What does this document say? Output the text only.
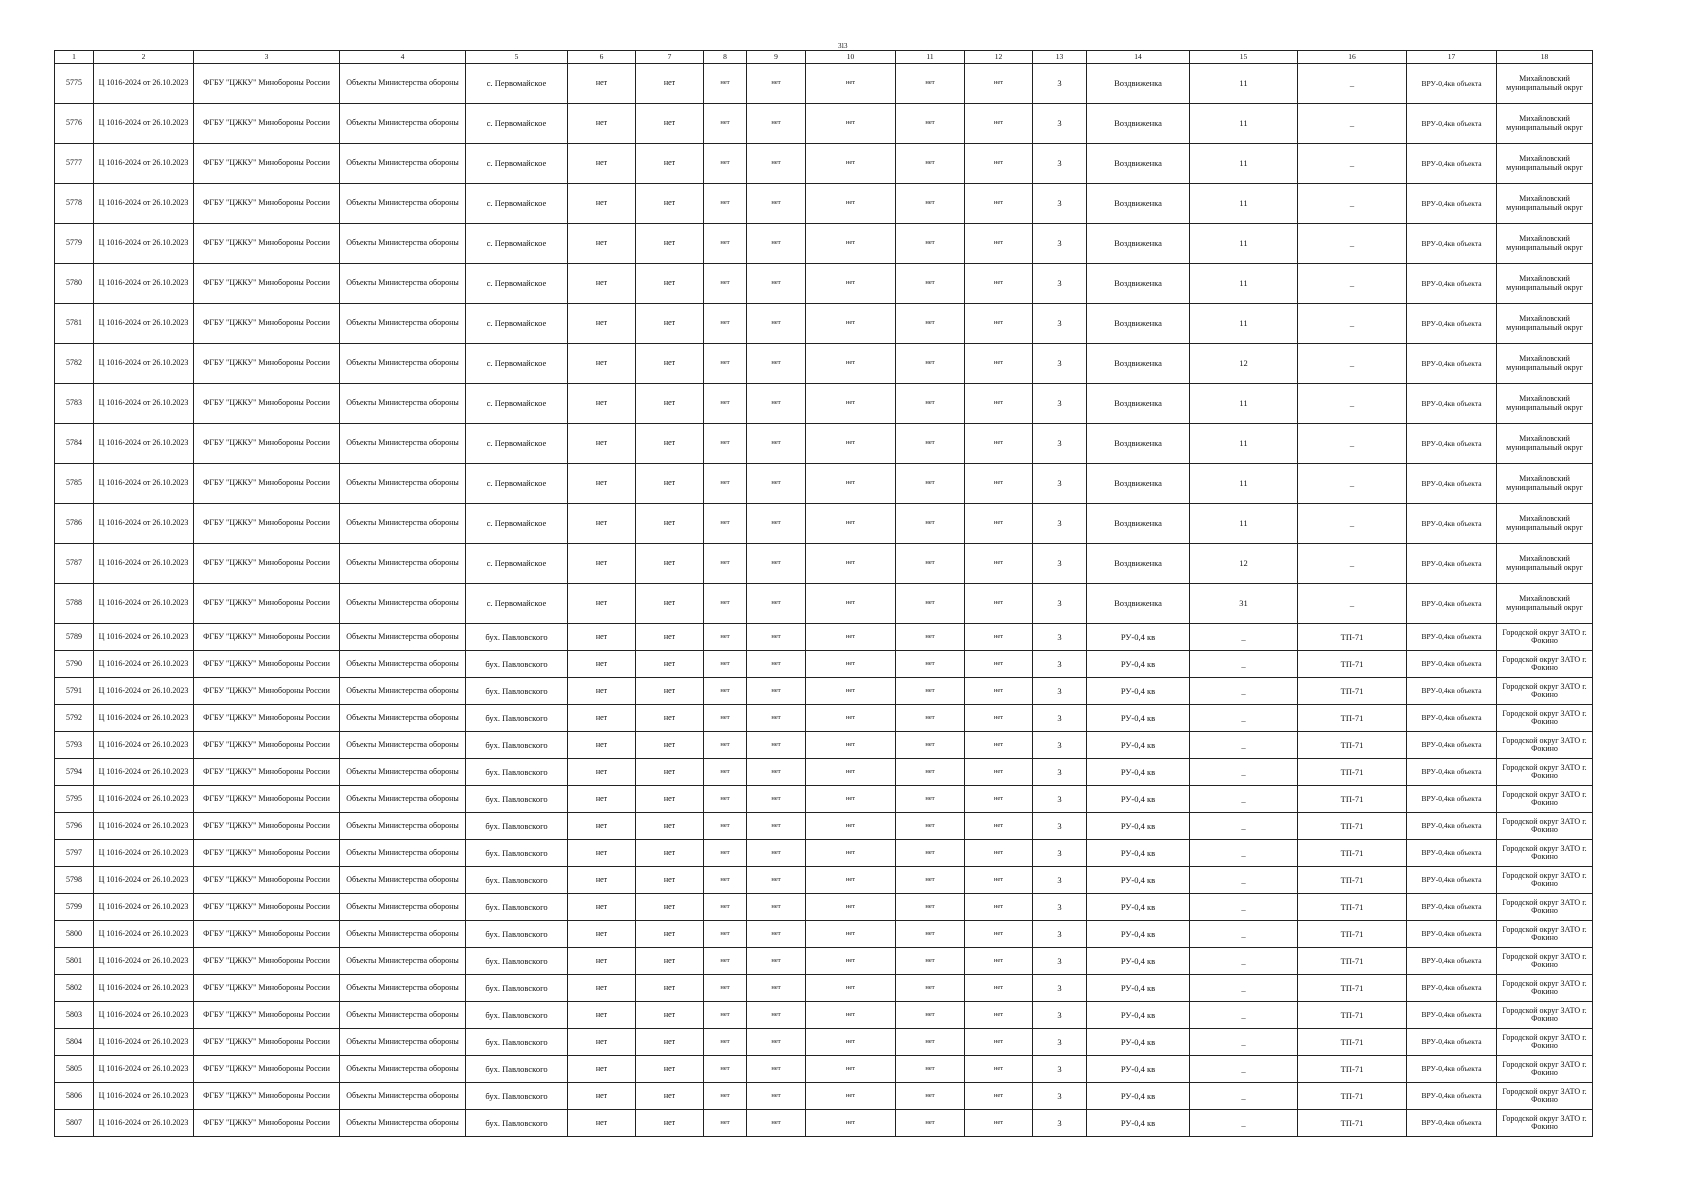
313
1	2	3	4	5	6	7	8	9	10	11	12	13	14	15	16	17	18
5775	Ц 1016-2024 от 26.10.2023	ФГБУ "ЦЖКУ" Минобороны России	Объекты Министерства обороны	с. Первомайское	нет	нет	нет	нет	нет	нет	нет	3	Воздвиженка	11	_	ВРУ-0,4кв объекта	Михайловский муниципальный округ
5776	Ц 1016-2024 от 26.10.2023	ФГБУ "ЦЖКУ" Минобороны России	Объекты Министерства обороны	с. Первомайское	нет	нет	нет	нет	нет	нет	нет	3	Воздвиженка	11	_	ВРУ-0,4кв объекта	Михайловский муниципальный округ
5777	Ц 1016-2024 от 26.10.2023	ФГБУ "ЦЖКУ" Минобороны России	Объекты Министерства обороны	с. Первомайское	нет	нет	нет	нет	нет	нет	нет	3	Воздвиженка	11	_	ВРУ-0,4кв объекта	Михайловский муниципальный округ
5778	Ц 1016-2024 от 26.10.2023	ФГБУ "ЦЖКУ" Минобороны России	Объекты Министерства обороны	с. Первомайское	нет	нет	нет	нет	нет	нет	нет	3	Воздвиженка	11	_	ВРУ-0,4кв объекта	Михайловский муниципальный округ
5779	Ц 1016-2024 от 26.10.2023	ФГБУ "ЦЖКУ" Минобороны России	Объекты Министерства обороны	с. Первомайское	нет	нет	нет	нет	нет	нет	нет	3	Воздвиженка	11	_	ВРУ-0,4кв объекта	Михайловский муниципальный округ
5780	Ц 1016-2024 от 26.10.2023	ФГБУ "ЦЖКУ" Минобороны России	Объекты Министерства обороны	с. Первомайское	нет	нет	нет	нет	нет	нет	нет	3	Воздвиженка	11	_	ВРУ-0,4кв объекта	Михайловский муниципальный округ
5781	Ц 1016-2024 от 26.10.2023	ФГБУ "ЦЖКУ" Минобороны России	Объекты Министерства обороны	с. Первомайское	нет	нет	нет	нет	нет	нет	нет	3	Воздвиженка	11	_	ВРУ-0,4кв объекта	Михайловский муниципальный округ
5782	Ц 1016-2024 от 26.10.2023	ФГБУ "ЦЖКУ" Минобороны России	Объекты Министерства обороны	с. Первомайское	нет	нет	нет	нет	нет	нет	нет	3	Воздвиженка	12	_	ВРУ-0,4кв объекта	Михайловский муниципальный округ
5783	Ц 1016-2024 от 26.10.2023	ФГБУ "ЦЖКУ" Минобороны России	Объекты Министерства обороны	с. Первомайское	нет	нет	нет	нет	нет	нет	нет	3	Воздвиженка	11	_	ВРУ-0,4кв объекта	Михайловский муниципальный округ
5784	Ц 1016-2024 от 26.10.2023	ФГБУ "ЦЖКУ" Минобороны России	Объекты Министерства обороны	с. Первомайское	нет	нет	нет	нет	нет	нет	нет	3	Воздвиженка	11	_	ВРУ-0,4кв объекта	Михайловский муниципальный округ
5785	Ц 1016-2024 от 26.10.2023	ФГБУ "ЦЖКУ" Минобороны России	Объекты Министерства обороны	с. Первомайское	нет	нет	нет	нет	нет	нет	нет	3	Воздвиженка	11	_	ВРУ-0,4кв объекта	Михайловский муниципальный округ
5786	Ц 1016-2024 от 26.10.2023	ФГБУ "ЦЖКУ" Минобороны России	Объекты Министерства обороны	с. Первомайское	нет	нет	нет	нет	нет	нет	нет	3	Воздвиженка	11	_	ВРУ-0,4кв объекта	Михайловский муниципальный округ
5787	Ц 1016-2024 от 26.10.2023	ФГБУ "ЦЖКУ" Минобороны России	Объекты Министерства обороны	с. Первомайское	нет	нет	нет	нет	нет	нет	нет	3	Воздвиженка	12	_	ВРУ-0,4кв объекта	Михайловский муниципальный округ
5788	Ц 1016-2024 от 26.10.2023	ФГБУ "ЦЖКУ" Минобороны России	Объекты Министерства обороны	с. Первомайское	нет	нет	нет	нет	нет	нет	нет	3	Воздвиженка	31	_	ВРУ-0,4кв объекта	Михайловский муниципальный округ
5789	Ц 1016-2024 от 26.10.2023	ФГБУ "ЦЖКУ" Минобороны России	Объекты Министерства обороны	бух. Павловского	нет	нет	нет	нет	нет	нет	нет	3	РУ-0,4 кв	_	ТП-71	ВРУ-0,4кв объекта	Городской округ ЗАТО г. Фокино
5790	Ц 1016-2024 от 26.10.2023	ФГБУ "ЦЖКУ" Минобороны России	Объекты Министерства обороны	бух. Павловского	нет	нет	нет	нет	нет	нет	нет	3	РУ-0,4 кв	_	ТП-71	ВРУ-0,4кв объекта	Городской округ ЗАТО г. Фокино
5791	Ц 1016-2024 от 26.10.2023	ФГБУ "ЦЖКУ" Минобороны России	Объекты Министерства обороны	бух. Павловского	нет	нет	нет	нет	нет	нет	нет	3	РУ-0,4 кв	_	ТП-71	ВРУ-0,4кв объекта	Городской округ ЗАТО г. Фокино
5792	Ц 1016-2024 от 26.10.2023	ФГБУ "ЦЖКУ" Минобороны России	Объекты Министерства обороны	бух. Павловского	нет	нет	нет	нет	нет	нет	нет	3	РУ-0,4 кв	_	ТП-71	ВРУ-0,4кв объекта	Городской округ ЗАТО г. Фокино
5793	Ц 1016-2024 от 26.10.2023	ФГБУ "ЦЖКУ" Минобороны России	Объекты Министерства обороны	бух. Павловского	нет	нет	нет	нет	нет	нет	нет	3	РУ-0,4 кв	_	ТП-71	ВРУ-0,4кв объекта	Городской округ ЗАТО г. Фокино
5794	Ц 1016-2024 от 26.10.2023	ФГБУ "ЦЖКУ" Минобороны России	Объекты Министерства обороны	бух. Павловского	нет	нет	нет	нет	нет	нет	нет	3	РУ-0,4 кв	_	ТП-71	ВРУ-0,4кв объекта	Городской округ ЗАТО г. Фокино
5795	Ц 1016-2024 от 26.10.2023	ФГБУ "ЦЖКУ" Минобороны России	Объекты Министерства обороны	бух. Павловского	нет	нет	нет	нет	нет	нет	нет	3	РУ-0,4 кв	_	ТП-71	ВРУ-0,4кв объекта	Городской округ ЗАТО г. Фокино
5796	Ц 1016-2024 от 26.10.2023	ФГБУ "ЦЖКУ" Минобороны России	Объекты Министерства обороны	бух. Павловского	нет	нет	нет	нет	нет	нет	нет	3	РУ-0,4 кв	_	ТП-71	ВРУ-0,4кв объекта	Городской округ ЗАТО г. Фокино
5797	Ц 1016-2024 от 26.10.2023	ФГБУ "ЦЖКУ" Минобороны России	Объекты Министерства обороны	бух. Павловского	нет	нет	нет	нет	нет	нет	нет	3	РУ-0,4 кв	_	ТП-71	ВРУ-0,4кв объекта	Городской округ ЗАТО г. Фокино
5798	Ц 1016-2024 от 26.10.2023	ФГБУ "ЦЖКУ" Минобороны России	Объекты Министерства обороны	бух. Павловского	нет	нет	нет	нет	нет	нет	нет	3	РУ-0,4 кв	_	ТП-71	ВРУ-0,4кв объекта	Городской округ ЗАТО г. Фокино
5799	Ц 1016-2024 от 26.10.2023	ФГБУ "ЦЖКУ" Минобороны России	Объекты Министерства обороны	бух. Павловского	нет	нет	нет	нет	нет	нет	нет	3	РУ-0,4 кв	_	ТП-71	ВРУ-0,4кв объекта	Городской округ ЗАТО г. Фокино
5800	Ц 1016-2024 от 26.10.2023	ФГБУ "ЦЖКУ" Минобороны России	Объекты Министерства обороны	бух. Павловского	нет	нет	нет	нет	нет	нет	нет	3	РУ-0,4 кв	_	ТП-71	ВРУ-0,4кв объекта	Городской округ ЗАТО г. Фокино
5801	Ц 1016-2024 от 26.10.2023	ФГБУ "ЦЖКУ" Минобороны России	Объекты Министерства обороны	бух. Павловского	нет	нет	нет	нет	нет	нет	нет	3	РУ-0,4 кв	_	ТП-71	ВРУ-0,4кв объекта	Городской округ ЗАТО г. Фокино
5802	Ц 1016-2024 от 26.10.2023	ФГБУ "ЦЖКУ" Минобороны России	Объекты Министерства обороны	бух. Павловского	нет	нет	нет	нет	нет	нет	нет	3	РУ-0,4 кв	_	ТП-71	ВРУ-0,4кв объекта	Городской округ ЗАТО г. Фокино
5803	Ц 1016-2024 от 26.10.2023	ФГБУ "ЦЖКУ" Минобороны России	Объекты Министерства обороны	бух. Павловского	нет	нет	нет	нет	нет	нет	нет	3	РУ-0,4 кв	_	ТП-71	ВРУ-0,4кв объекта	Городской округ ЗАТО г. Фокино
5804	Ц 1016-2024 от 26.10.2023	ФГБУ "ЦЖКУ" Минобороны России	Объекты Министерства обороны	бух. Павловского	нет	нет	нет	нет	нет	нет	нет	3	РУ-0,4 кв	_	ТП-71	ВРУ-0,4кв объекта	Городской округ ЗАТО г. Фокино
5805	Ц 1016-2024 от 26.10.2023	ФГБУ "ЦЖКУ" Минобороны России	Объекты Министерства обороны	бух. Павловского	нет	нет	нет	нет	нет	нет	нет	3	РУ-0,4 кв	_	ТП-71	ВРУ-0,4кв объекта	Городской округ ЗАТО г. Фокино
5806	Ц 1016-2024 от 26.10.2023	ФГБУ "ЦЖКУ" Минобороны России	Объекты Министерства обороны	бух. Павловского	нет	нет	нет	нет	нет	нет	нет	3	РУ-0,4 кв	_	ТП-71	ВРУ-0,4кв объекта	Городской округ ЗАТО г. Фокино
5807	Ц 1016-2024 от 26.10.2023	ФГБУ "ЦЖКУ" Минобороны России	Объекты Министерства обороны	бух. Павловского	нет	нет	нет	нет	нет	нет	нет	3	РУ-0,4 кв	_	ТП-71	ВРУ-0,4кв объекта	Городской округ ЗАТО г. Фокино
